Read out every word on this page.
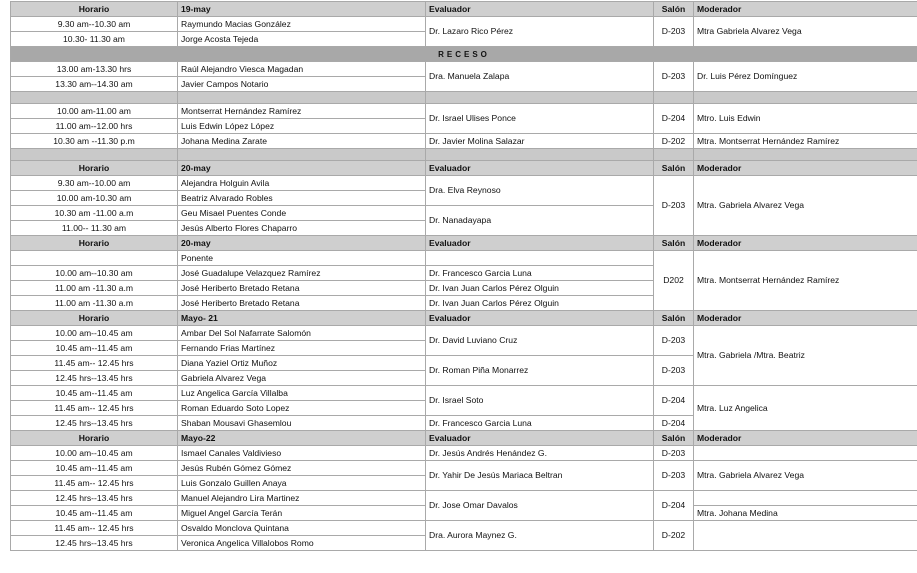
Horario	19-may	Evaluador	Salón	Moderador
9.30 am--10.30 am	Raymundo Macias González	Dr. Lazaro Rico Pérez	D-203	Mtra Gabriela Alvarez Vega
10.30- 11.30 am	Jorge Acosta Tejeda			
RECESO				
13.00 am-13.30 hrs	Raúl Alejandro Viesca Magadan	Dra. Manuela Zalapa	D-203	Dr. Luis Pérez Domínguez
13.30 am--14.30 am	Javier Campos Notario			

10.00 am-11.00 am	Montserrat Hernández Ramírez	Dr. Israel Ulises Ponce	D-204	Mtro. Luis Edwin
11.00 am--12.00 hrs	Luis Edwin López López			
10.30 am --11.30 p.m	Johana Medina Zarate	Dr. Javier Molina Salazar	D-202	Mtra. Montserrat Hernández Ramírez

Horario	20-may	Evaluador	Salón	Moderador
9.30 am--10.00 am	Alejandra Holguin Avila	Dra. Elva Reynoso	D-203	Mtra. Gabriela Alvarez Vega
10.00 am-10.30 am	Beatriz Alvarado Robles			
10.30 am -11.00 a.m	Geu Misael Puentes Conde	Dr. Nanadayapa		
11.00-- 11.30 am	Jesús Alberto Flores Chaparro			
Horario	20-may	Evaluador	Salón	Moderador
	Ponente		D202	Mtra. Montserrat Hernández Ramírez
10.00 am--10.30 am	José Guadalupe Velazquez Ramírez	Dr. Francesco Garcia Luna		
11.00 am -11.30 a.m	José Heriberto Bretado Retana	Dr. Ivan Juan Carlos Pérez Olguin		
11.00 am -11.30 a.m	José Heriberto Bretado Retana	Dr. Ivan Juan Carlos Pérez Olguin		
Horario	Mayo- 21	Evaluador	Salón	Moderador
10.00 am--10.45 am	Ambar Del Sol Nafarrate Salomón	Dr. David Luviano Cruz	D-203	Mtra. Gabriela /Mtra. Beatriz
10.45 am--11.45 am	Fernando Frias Martínez			
11.45 am-- 12.45 hrs	Diana Yaziel Ortiz Muñoz	Dr. Roman Piña Monarrez	D-203	
12.45 hrs--13.45 hrs	Gabriela Alvarez Vega			
10.45 am--11.45 am	Luz Angelica García Villalba	Dr. Israel Soto	D-204	Mtra. Luz Angelica
11.45 am-- 12.45 hrs	Roman Eduardo Soto Lopez			
12.45 hrs--13.45 hrs	Shaban Mousavi Ghasemlou	Dr. Francesco Garcia Luna	D-204	
Horario	Mayo-22	Evaluador	Salón	Moderador
10.00 am--10.45 am	Ismael Canales Valdivieso	Dr. Jesús Andrés Henández G.	D-203	
10.45 am--11.45 am	Jesús Rubén Gómez Gómez	Dr. Yahir De Jesús Mariaca Beltran	D-203	Mtra. Gabriela Alvarez Vega
11.45 am-- 12.45 hrs	Luis Gonzalo Guillen Anaya			
12.45 hrs--13.45 hrs	Manuel Alejandro Lira Martinez	Dr. Jose Omar Davalos	D-204	
10.45 am--11.45 am	Miguel Angel García Terán			Mtra. Johana Medina
11.45 am-- 12.45 hrs	Osvaldo Monclova Quintana	Dra. Aurora Maynez G.	D-202	
12.45 hrs--13.45 hrs	Veronica Angelica Villalobos Romo			
